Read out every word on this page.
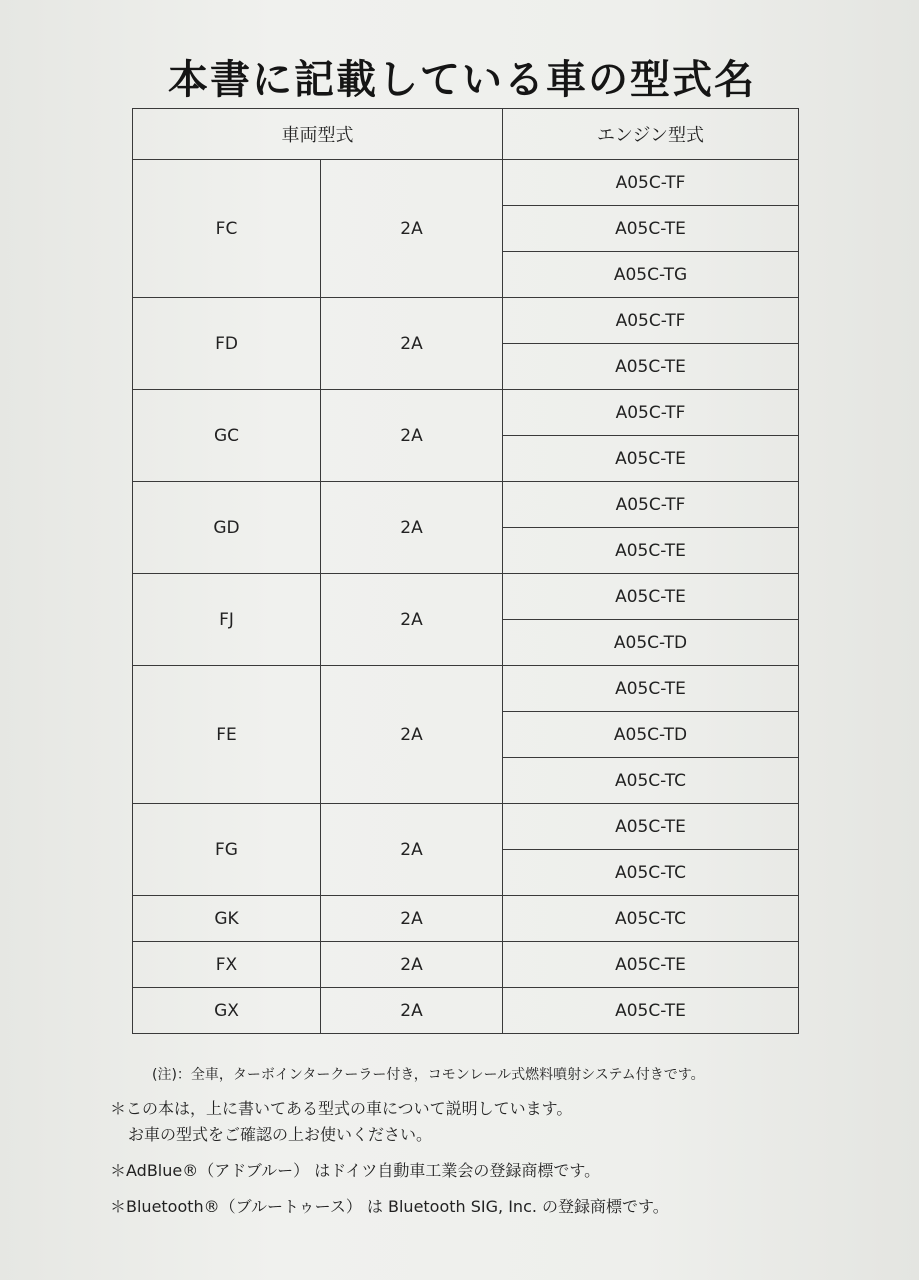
本書に記載している車の型式名
車両型式		エンジン型式
FC	2A	A05C-TF
		A05C-TE
		A05C-TG
FD	2A	A05C-TF
		A05C-TE
GC	2A	A05C-TF
		A05C-TE
GD	2A	A05C-TF
		A05C-TE
FJ	2A	A05C-TE
		A05C-TD
FE	2A	A05C-TE
		A05C-TD
		A05C-TC
FG	2A	A05C-TE
		A05C-TC
GK	2A	A05C-TC
FX	2A	A05C-TE
GX	2A	A05C-TE
(注)：全車，ターボインタークーラー付き，コモンレール式燃料噴射システム付きです。
＊この本は，上に書いてある型式の車について説明しています。
お車の型式をご確認の上お使いください。
＊AdBlue®（アドブルー） はドイツ自動車工業会の登録商標です。
＊Bluetooth®（ブルートゥース） は Bluetooth SIG, Inc. の登録商標です。
